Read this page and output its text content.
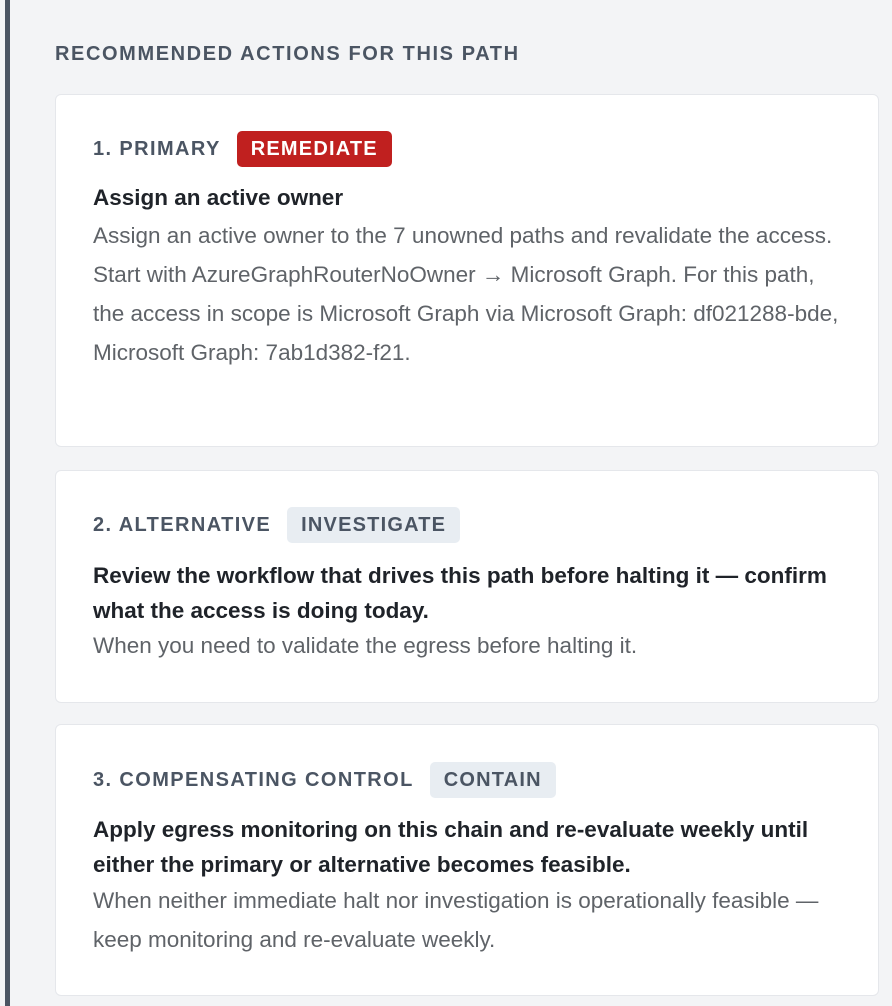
RECOMMENDED ACTIONS FOR THIS PATH
1. PRIMARY	REMEDIATE
Assign an active owner
Assign an active owner to the 7 unowned paths and revalidate the access. Start with AzureGraphRouterNoOwner → Microsoft Graph. For this path, the access in scope is Microsoft Graph via Microsoft Graph: df021288-bde, Microsoft Graph: 7ab1d382-f21.
2. ALTERNATIVE	INVESTIGATE
Review the workflow that drives this path before halting it — confirm what the access is doing today.
When you need to validate the egress before halting it.
3. COMPENSATING CONTROL	CONTAIN
Apply egress monitoring on this chain and re-evaluate weekly until either the primary or alternative becomes feasible.
When neither immediate halt nor investigation is operationally feasible — keep monitoring and re-evaluate weekly.
